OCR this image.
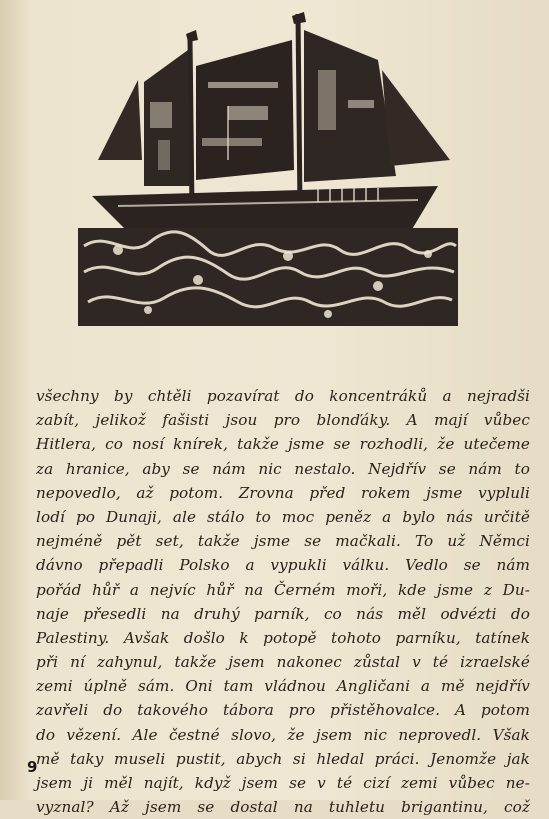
všechny by chtěli pozavírat do koncentráků a nejradši
zabít, jelikož fašisti jsou pro blonďáky. A mají vůbec
Hitlera, co nosí knírek, takže jsme se rozhodli, že utečeme
za hranice, aby se nám nic nestalo. Nejdřív se nám to
nepovedlo, až potom. Zrovna před rokem jsme vypluli
lodí po Dunaji, ale stálo to moc peněz a bylo nás určitě
nejméně pět set, takže jsme se mačkali. To už Němci
dávno přepadli Polsko a vypukli válku. Vedlo se nám
pořád hůř a nejvíc hůř na Černém moři, kde jsme z Du-
naje přesedli na druhý parník, co nás měl odvézti do
Palestiny. Avšak došlo k potopě tohoto parníku, tatínek
při ní zahynul, takže jsem nakonec zůstal v té izraelské
zemi úplně sám. Oni tam vládnou Angličani a mě nejdřív
zavřeli do takového tábora pro přistěhovalce. A potom
do vězení. Ale čestné slovo, že jsem nic neprovedl. Však
mě taky museli pustit, abych si hledal práci. Jenomže jak
jsem ji měl najít, když jsem se v té cizí zemi vůbec ne-
vyznal? Až jsem se dostal na tuhletu brigantinu, což
9
